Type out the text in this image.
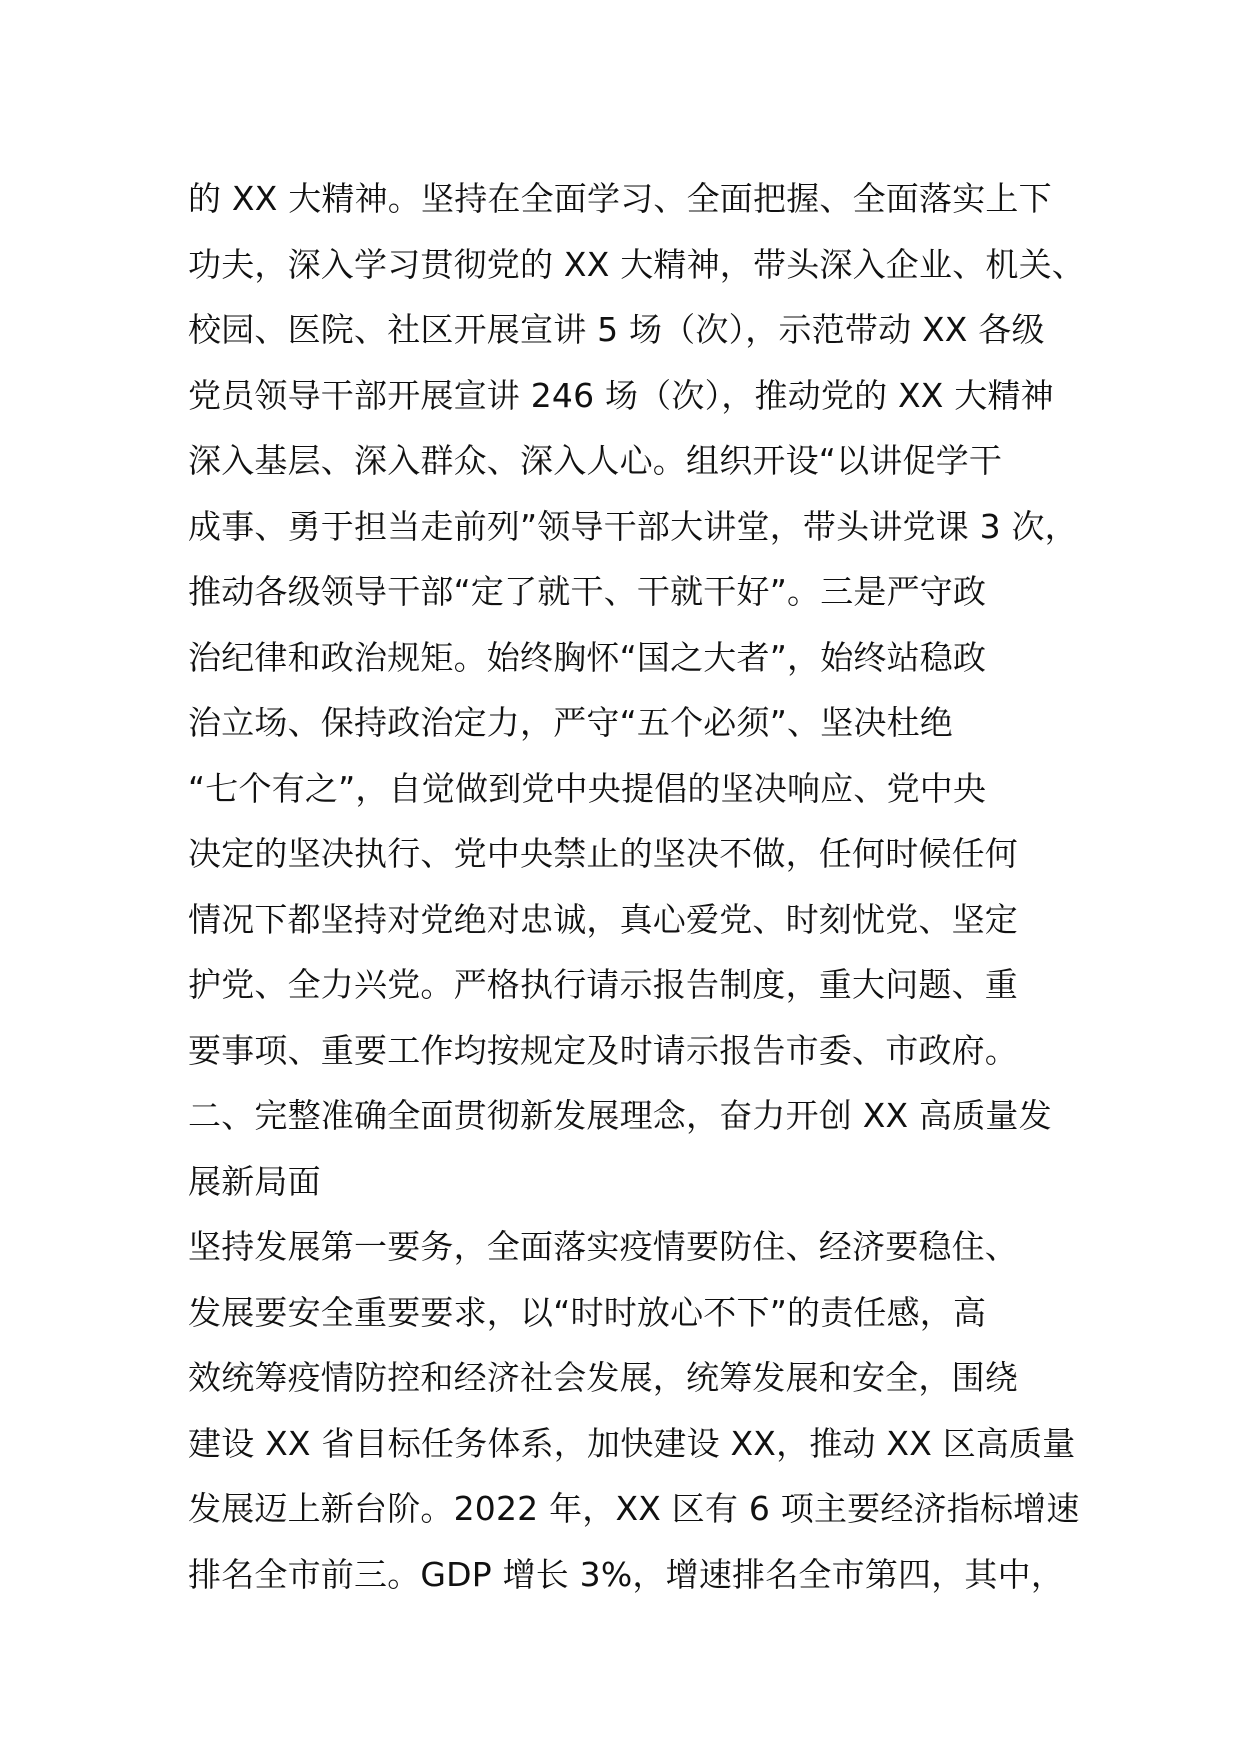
的 XX 大精神。坚持在全面学习、全面把握、全面落实上下
功夫，深入学习贯彻党的 XX 大精神，带头深入企业、机关、
校园、医院、社区开展宣讲 5 场（次），示范带动 XX 各级
党员领导干部开展宣讲 246 场（次），推动党的 XX 大精神
深入基层、深入群众、深入人心。组织开设“以讲促学干
成事、勇于担当走前列”领导干部大讲堂，带头讲党课 3 次，
推动各级领导干部“定了就干、干就干好”。三是严守政
治纪律和政治规矩。始终胸怀“国之大者”，始终站稳政
治立场、保持政治定力，严守“五个必须”、坚决杜绝
“七个有之”，自觉做到党中央提倡的坚决响应、党中央
决定的坚决执行、党中央禁止的坚决不做，任何时候任何
情况下都坚持对党绝对忠诚，真心爱党、时刻忧党、坚定
护党、全力兴党。严格执行请示报告制度，重大问题、重
要事项、重要工作均按规定及时请示报告市委、市政府。
二、完整准确全面贯彻新发展理念，奋力开创 XX 高质量发
展新局面
坚持发展第一要务，全面落实疫情要防住、经济要稳住、
发展要安全重要要求，以“时时放心不下”的责任感，高
效统筹疫情防控和经济社会发展，统筹发展和安全，围绕
建设 XX 省目标任务体系，加快建设 XX，推动 XX 区高质量
发展迈上新台阶。2022 年，XX 区有 6 项主要经济指标增速
排名全市前三。GDP 增长 3%，增速排名全市第四，其中，
